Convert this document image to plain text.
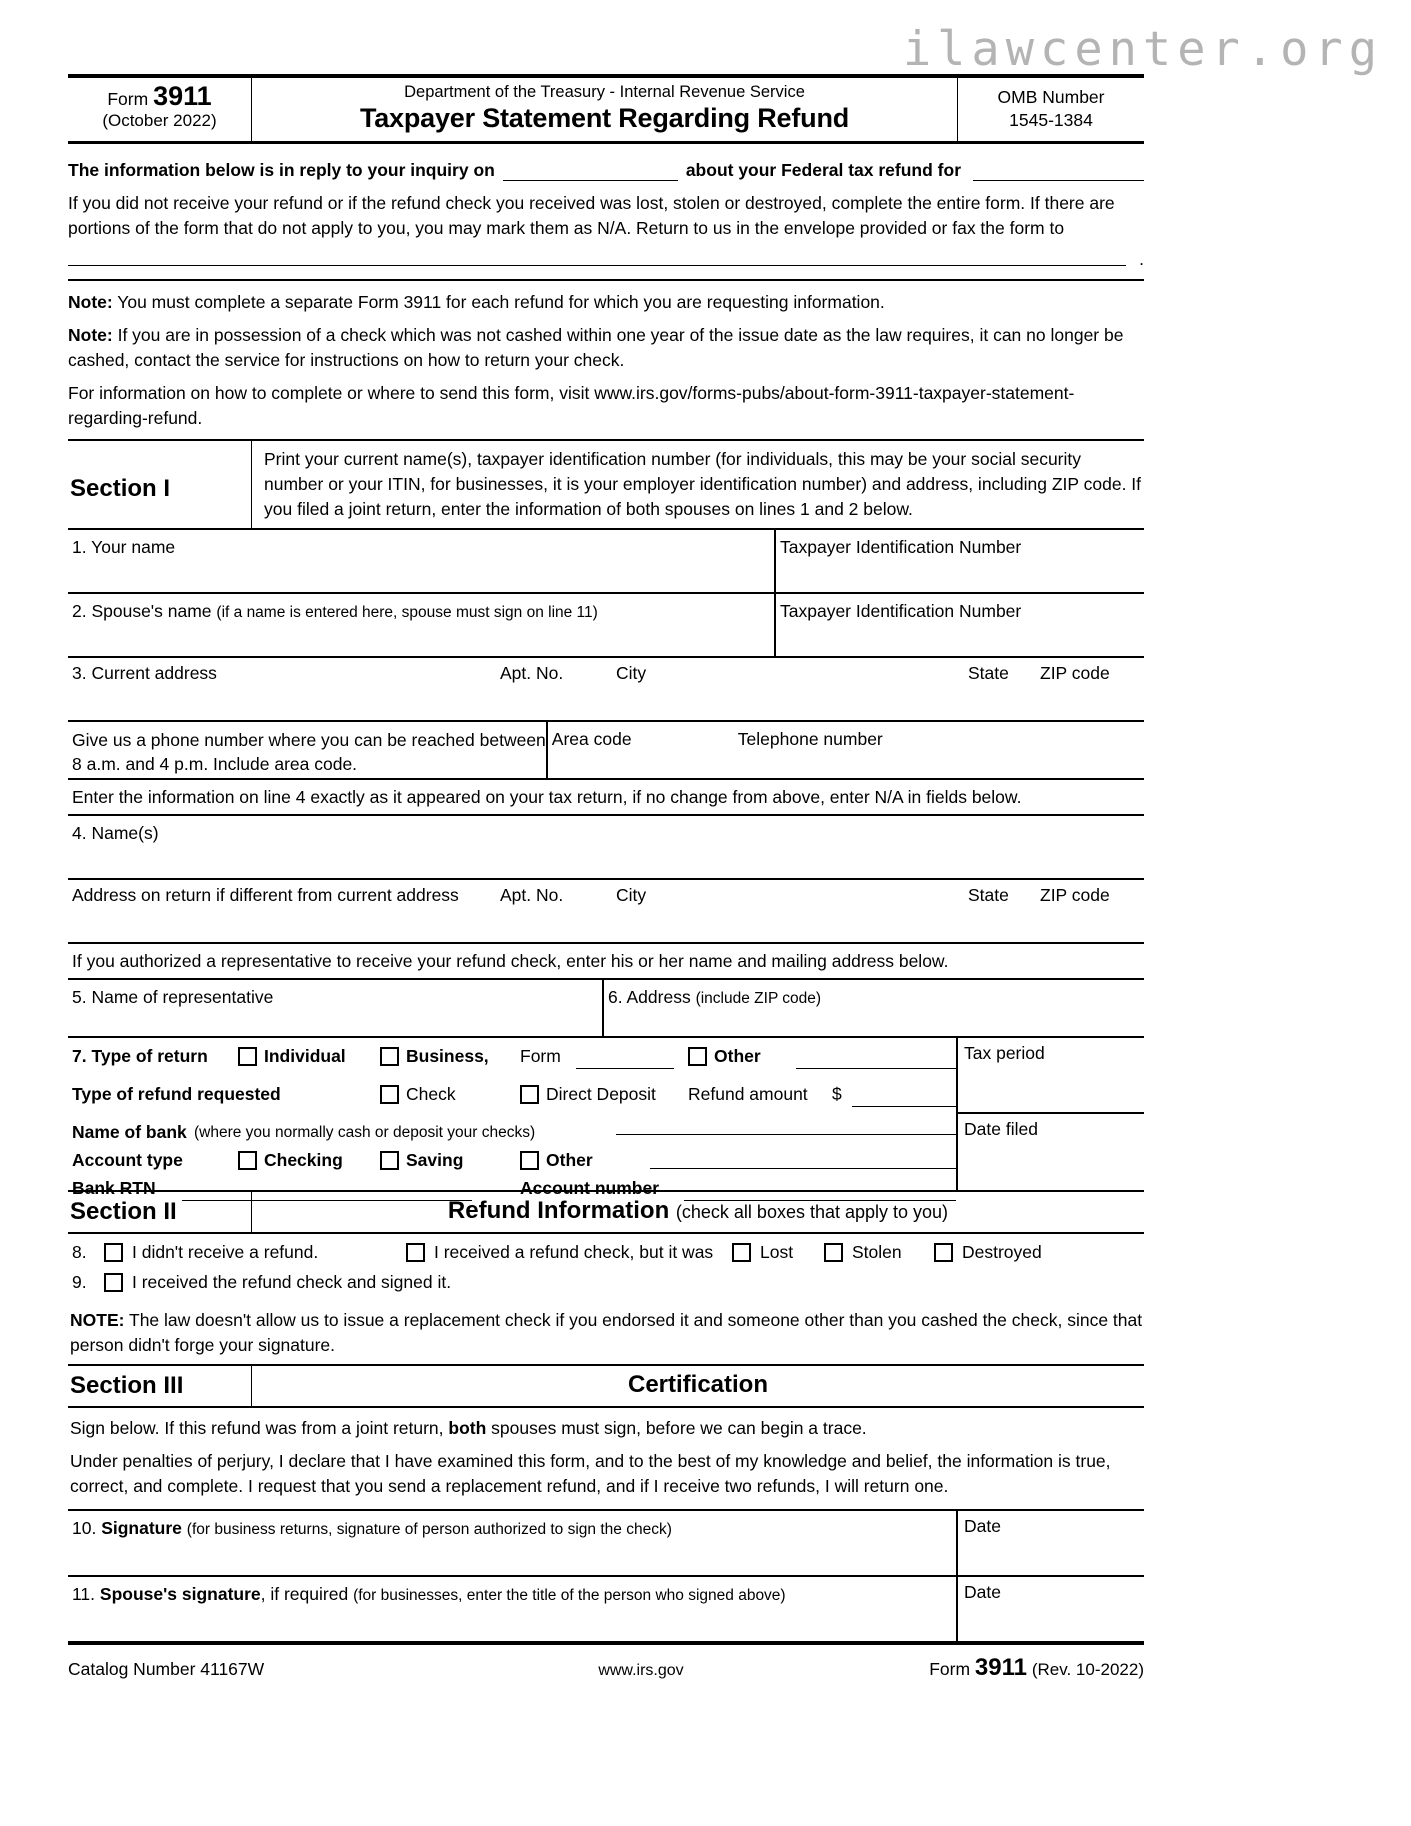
ilawcenter.org
Form 3911
(October 2022)
Department of the Treasury - Internal Revenue Service
Taxpayer Statement Regarding Refund
OMB Number
1545-1384
The information below is in reply to your inquiry on	about your Federal tax refund for
If you did not receive your refund or if the refund check you received was lost, stolen or destroyed, complete the entire form. If there are portions of the form that do not apply to you, you may mark them as N/A. Return to us in the envelope provided or fax the form to
.
Note: You must complete a separate Form 3911 for each refund for which you are requesting information.
Note: If you are in possession of a check which was not cashed within one year of the issue date as the law requires, it can no longer be cashed, contact the service for instructions on how to return your check.
For information on how to complete or where to send this form, visit www.irs.gov/forms-pubs/about-form-3911-taxpayer-statement-regarding-refund.
Section I
Print your current name(s), taxpayer identification number (for individuals, this may be your social security number or your ITIN, for businesses, it is your employer identification number) and address, including ZIP code. If you filed a joint return, enter the information of both spouses on lines 1 and 2 below.
1. Your name	Taxpayer Identification Number
2. Spouse's name (if a name is entered here, spouse must sign on line 11)	Taxpayer Identification Number
3. Current address	Apt. No.	City	State ZIP code
Give us a phone number where you can be reached between
8 a.m. and 4 p.m. Include area code.
Area code	Telephone number
Enter the information on line 4 exactly as it appeared on your tax return, if no change from above, enter N/A in fields below.
4. Name(s)
Address on return if different from current address Apt. No.	City	State ZIP code
If you authorized a representative to receive your refund check, enter his or her name and mailing address below.
5. Name of representative	6. Address (include ZIP code)
7. Type of return	Individual	Business, Form	Other
Type of refund requested	Check	Direct Deposit Refund amount $
Name of bank (where you normally cash or deposit your checks)
Account type	Checking	Saving	Other
Bank RTN	Account number
Tax period
Date filed
Section II	Refund Information (check all boxes that apply to you)
8.	I didn't receive a refund.	I received a refund check, but it was	Lost	Stolen	Destroyed
9.	I received the refund check and signed it.
NOTE: The law doesn't allow us to issue a replacement check if you endorsed it and someone other than you cashed the check, since that person didn't forge your signature.
Section III	Certification
Sign below. If this refund was from a joint return, both spouses must sign, before we can begin a trace.
Under penalties of perjury, I declare that I have examined this form, and to the best of my knowledge and belief, the information is true, correct, and complete. I request that you send a replacement refund, and if I receive two refunds, I will return one.
10. Signature (for business returns, signature of person authorized to sign the check)	Date
11. Spouse's signature, if required (for businesses, enter the title of the person who signed above)	Date
Catalog Number 41167W	www.irs.gov	Form 3911 (Rev. 10-2022)
